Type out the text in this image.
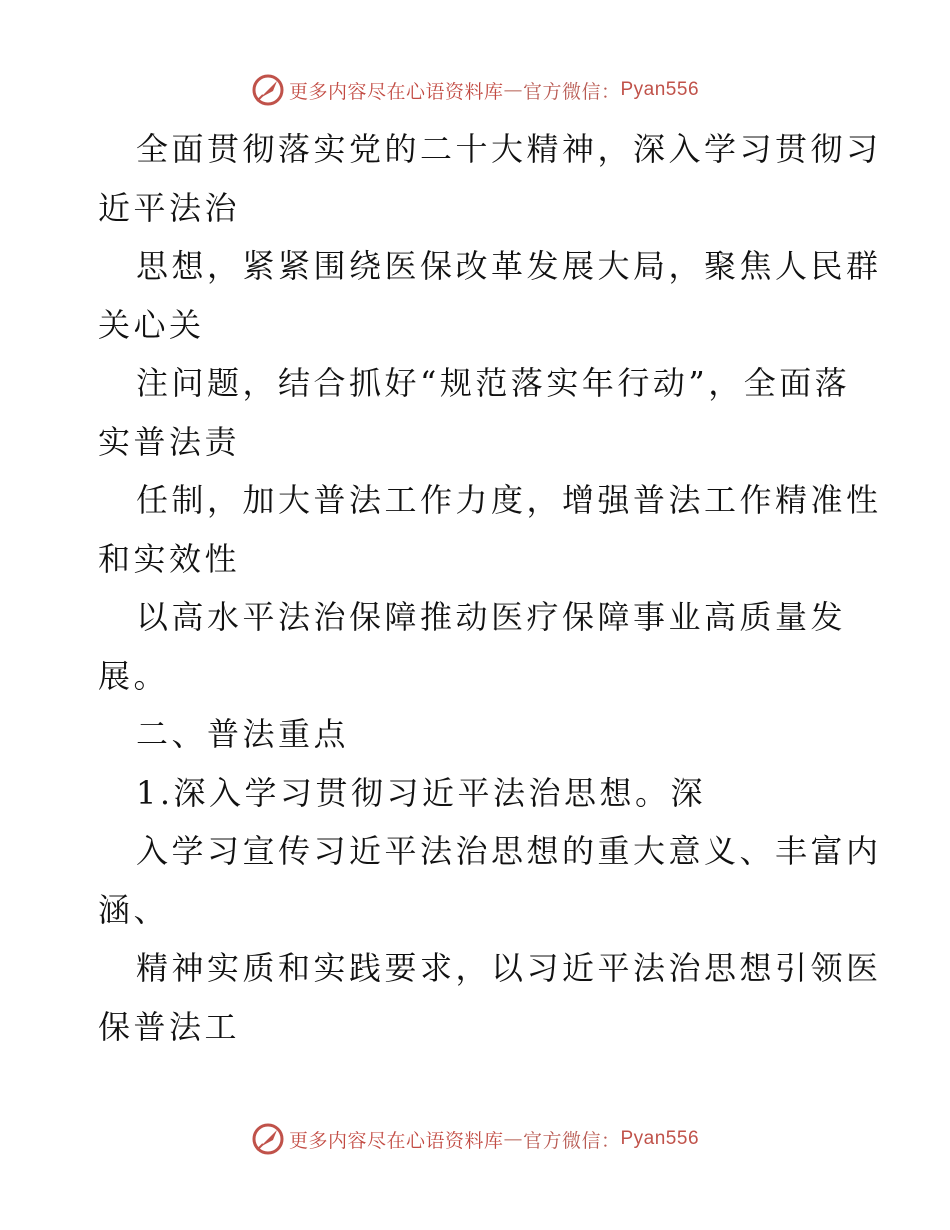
更多内容尽在心语资料库 — 官方微信： Pyan556
全面贯彻落实党的二十大精神，深入学习贯彻习
近平法治
思想，紧紧围绕医保改革发展大局，聚焦人民群
关心关
注问题，结合抓好“规范落实年行动”，全面落
实普法责
任制，加大普法工作力度，增强普法工作精准性
和实效性
以高水平法治保障推动医疗保障事业高质量发
展。
二、普法重点
1.深入学习贯彻习近平法治思想。深
入学习宣传习近平法治思想的重大意义、丰富内
涵、
精神实质和实践要求，以习近平法治思想引领医
保普法工
更多内容尽在心语资料库 — 官方微信： Pyan556
